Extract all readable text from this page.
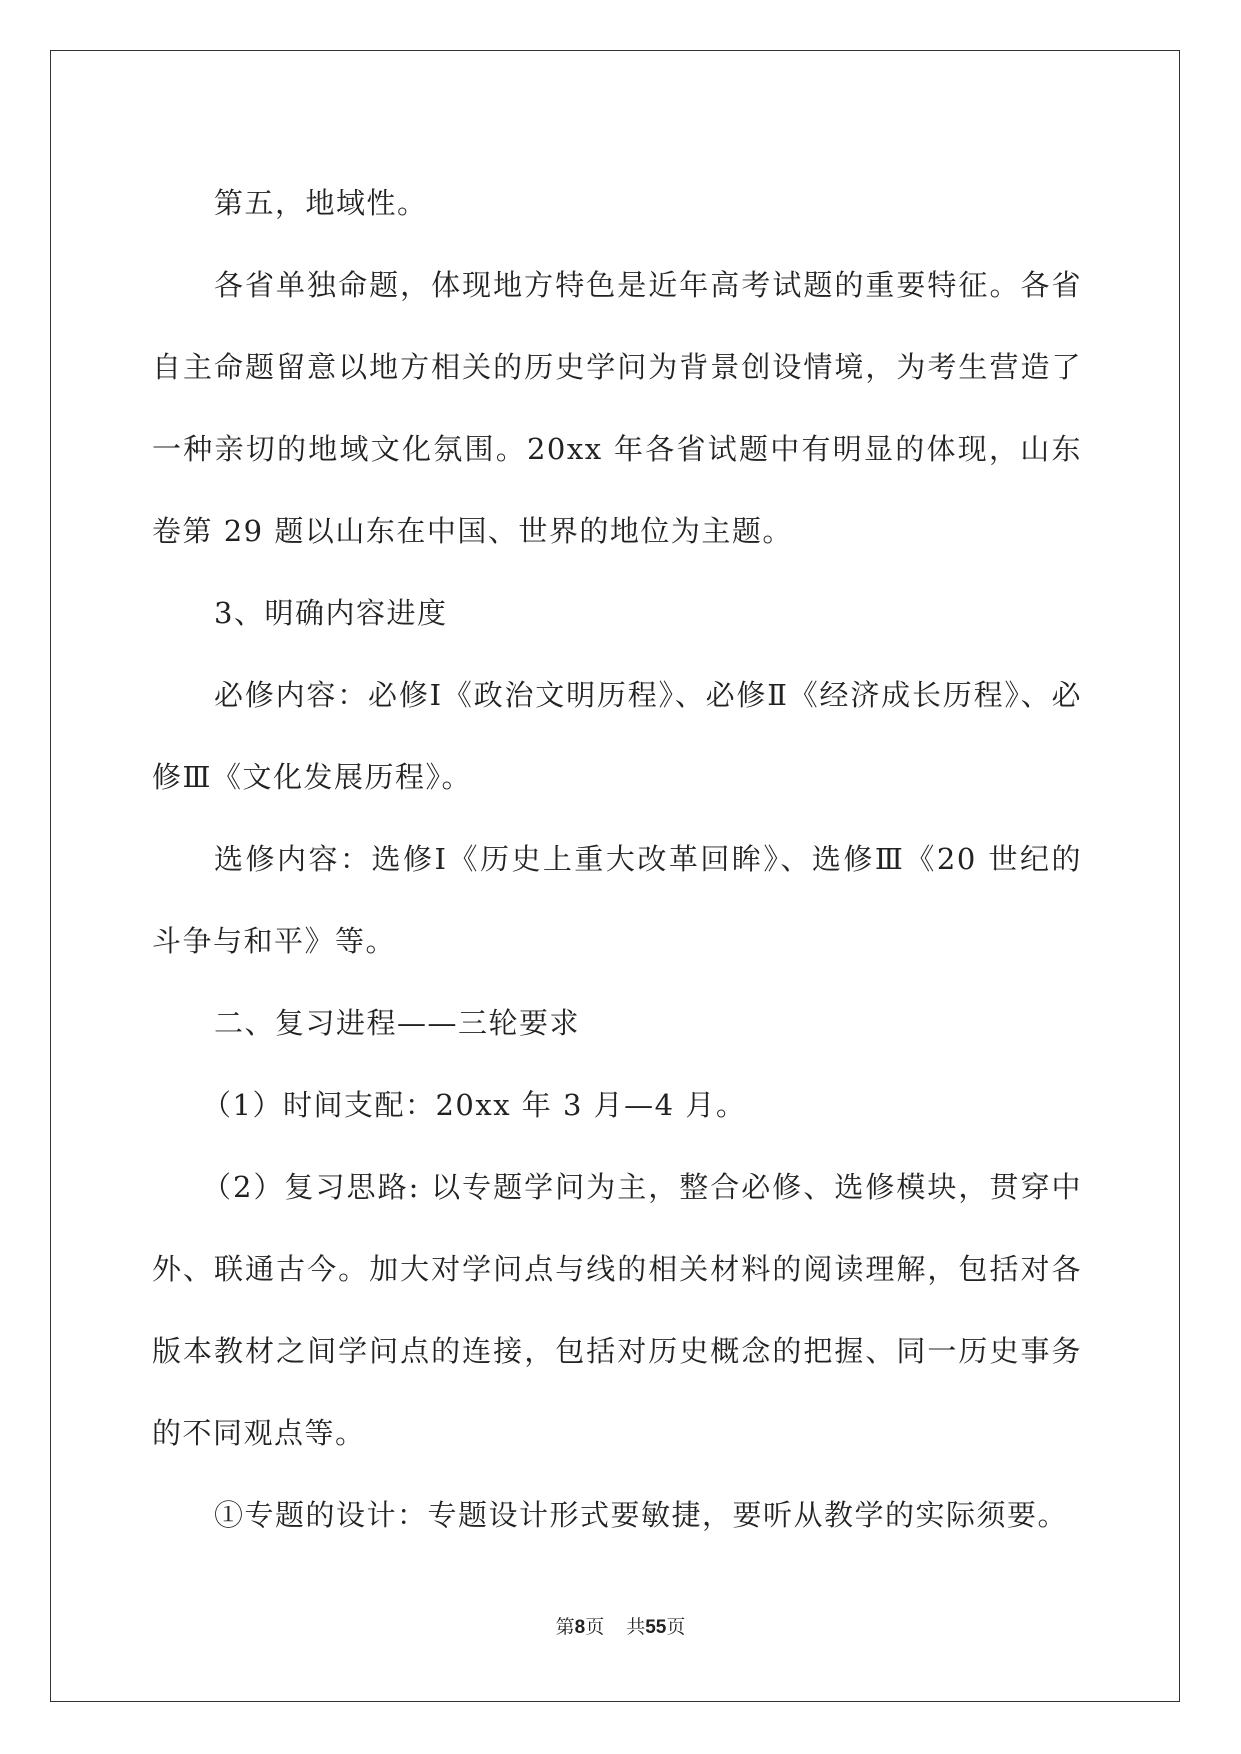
第五，地域性。

各省单独命题，体现地方特色是近年高考试题的重要特征。各省自主命题留意以地方相关的历史学问为背景创设情境，为考生营造了一种亲切的地域文化氛围。20xx 年各省试题中有明显的体现，山东卷第 29 题以山东在中国、世界的地位为主题。

3、明确内容进度

必修内容：必修Ⅰ《政治文明历程》、必修Ⅱ《经济成长历程》、必修Ⅲ《文化发展历程》。

选修内容：选修Ⅰ《历史上重大改革回眸》、选修Ⅲ《20 世纪的斗争与和平》等。

二、复习进程——三轮要求

（1）时间支配：20xx 年 3 月—4 月。

（2）复习思路: 以专题学问为主，整合必修、选修模块，贯穿中外、联通古今。加大对学问点与线的相关材料的阅读理解，包括对各版本教材之间学问点的连接，包括对历史概念的把握、同一历史事务的不同观点等。

①专题的设计：专题设计形式要敏捷，要听从教学的实际须要。

第8页 共55页
